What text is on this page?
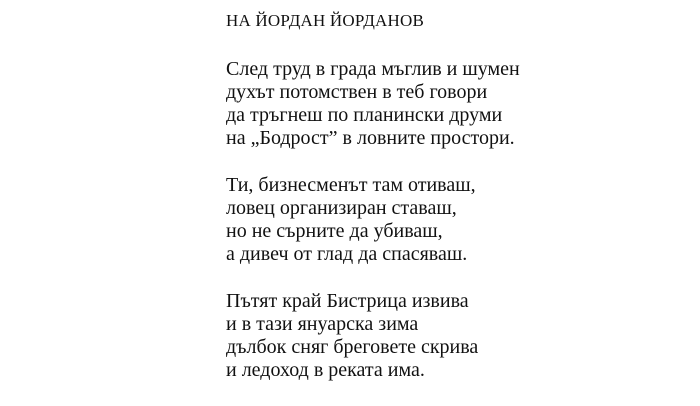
НА ЙОРДАН ЙОРДАНОВ
След труд в града мъглив и шумен
духът потомствен в теб говори
да тръгнеш по планински друми
на „Бодрост” в ловните простори.
Ти, бизнесменът там отиваш,
ловец организиран ставаш,
но не сърните да убиваш,
а дивеч от глад да спасяваш.
Пътят край Бистрица извива
и в тази януарска зима
дълбок сняг бреговете скрива
и ледоход в реката има.
